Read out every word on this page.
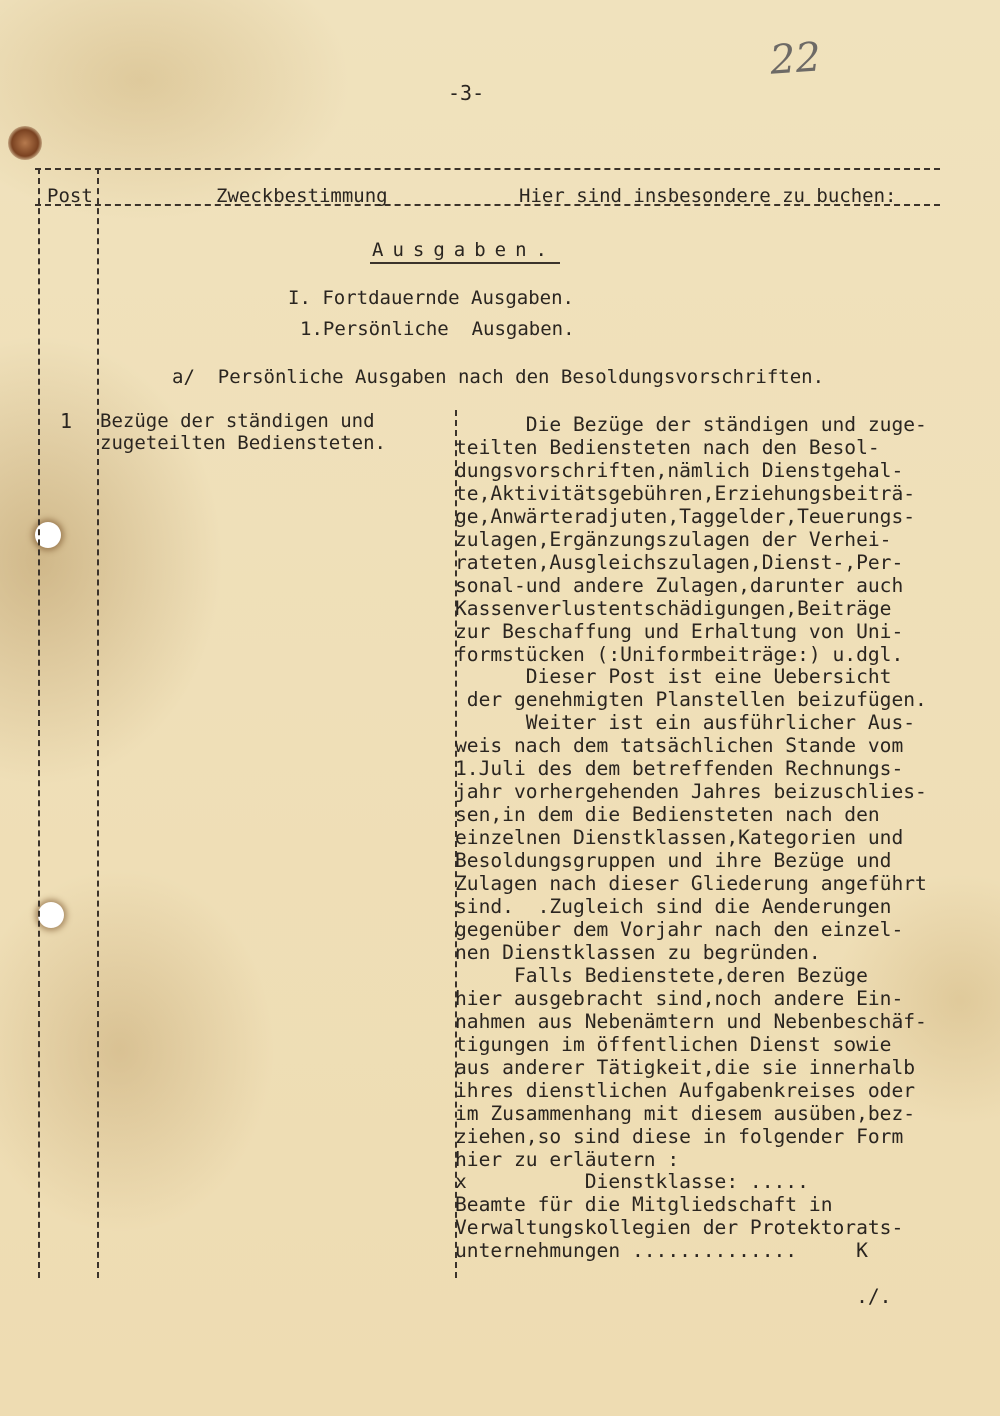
-3-
22
Post	Zweckbestimmung	Hier sind insbesondere zu buchen:
Ausgaben.
I. Fortdauernde Ausgaben.
1.Persönliche  Ausgaben.
a/  Persönliche Ausgaben nach den Besoldungsvorschriften.
1 Bezüge der ständigen und
zugeteilten Bediensteten.
Die Bezüge der ständigen und zuge-
teilten Bediensteten nach den Besol-
dungsvorschriften,nämlich Dienstgehal-
te,Aktivitätsgebühren,Erziehungsbeiträ-
ge,Anwärteradjuten,Taggelder,Teuerungs-
zulagen,Ergänzungszulagen der Verhei-
rateten,Ausgleichszulagen,Dienst-,Per-
sonal-und andere Zulagen,darunter auch
Kassenverlustentschädigungen,Beiträge
zur Beschaffung und Erhaltung von Uni-
formstücken (:Uniformbeiträge:) u.dgl.
Dieser Post ist eine Uebersicht
der genehmigten Planstellen beizufügen.
Weiter ist ein ausführlicher Aus-
weis nach dem tatsächlichen Stande vom
1.Juli des dem betreffenden Rechnungs-
jahr vorhergehenden Jahres beizuschlies-
sen,in dem die Bediensteten nach den
einzelnen Dienstklassen,Kategorien und
Besoldungsgruppen und ihre Bezüge und
Zulagen nach dieser Gliederung angeführt
sind.  .Zugleich sind die Aenderungen
gegenüber dem Vorjahr nach den einzel-
nen Dienstklassen zu begründen.
Falls Bedienstete,deren Bezüge
hier ausgebracht sind,noch andere Ein-
nahmen aus Nebenämtern und Nebenbeschäf-
tigungen im öffentlichen Dienst sowie
aus anderer Tätigkeit,die sie innerhalb
ihres dienstlichen Aufgabenkreises oder
im Zusammenhang mit diesem ausüben,bez-
ziehen,so sind diese in folgender Form
hier zu erläutern :
x          Dienstklasse: .....
Beamte für die Mitgliedschaft in
Verwaltungskollegien der Protektorats-
unternehmungen ..............     K

./.
